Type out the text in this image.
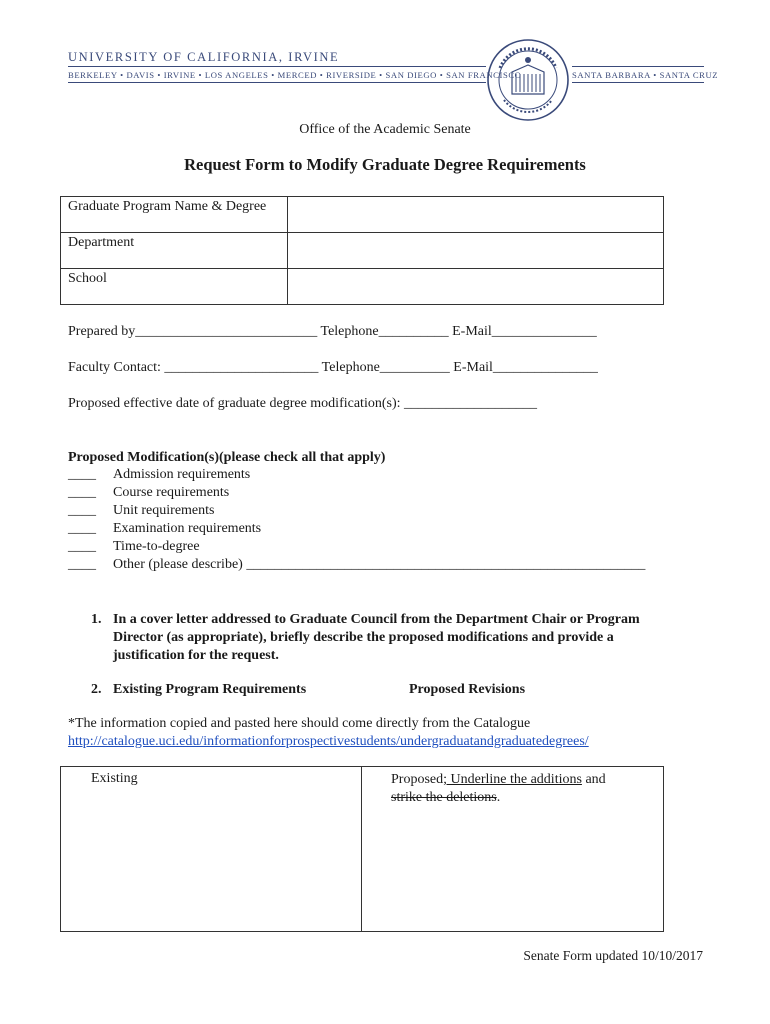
UNIVERSITY OF CALIFORNIA, IRVINE
BERKELEY • DAVIS • IRVINE • LOS ANGELES • MERCED • RIVERSIDE • SAN DIEGO • SAN FRANCISCO	SANTA BARBARA • SANTA CRUZ
Office of the Academic Senate
Request Form to Modify Graduate Degree Requirements
Graduate Program Name & Degree	
Department	
School	
Prepared by__________________________ Telephone__________ E-Mail_______________
Faculty Contact: ______________________ Telephone__________ E-Mail_______________
Proposed effective date of graduate degree modification(s): ___________________
Proposed Modification(s)(please check all that apply)
____ Admission requirements
____ Course requirements
____ Unit requirements
____ Examination requirements
____ Time-to-degree
____ Other (please describe) _________________________________________________________
1. In a cover letter addressed to Graduate Council from the Department Chair or Program Director (as appropriate), briefly describe the proposed modifications and provide a justification for the request.
2. Existing Program Requirements	Proposed Revisions
*The information copied and pasted here should come directly from the Catalogue
http://catalogue.uci.edu/informationforprospectivestudents/undergraduatandgraduatedegrees/
Existing	Proposed; Underline the additions and
strike the deletions.
Senate Form updated 10/10/2017
